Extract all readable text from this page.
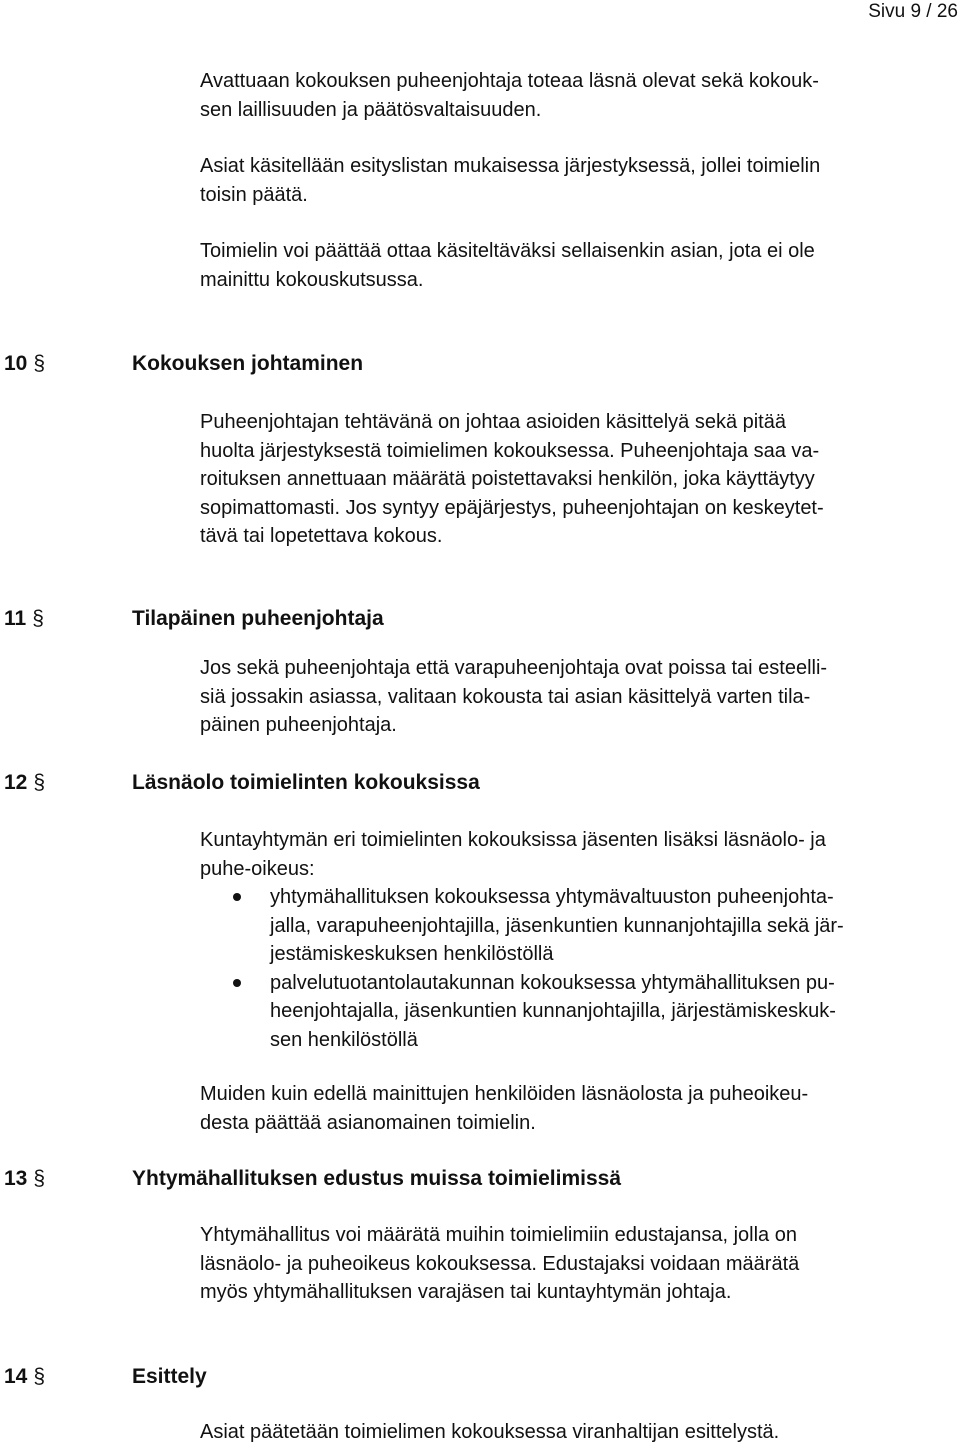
Sivu 9 / 26

Avattuaan kokouksen puheenjohtaja toteaa läsnä olevat sekä kokouk-
sen laillisuuden ja päätösvaltaisuuden.

Asiat käsitellään esityslistan mukaisessa järjestyksessä, jollei toimielin
toisin päätä.

Toimielin voi päättää ottaa käsiteltäväksi sellaisenkin asian, jota ei ole
mainittu kokouskutsussa.

10 §	Kokouksen johtaminen

Puheenjohtajan tehtävänä on johtaa asioiden käsittelyä sekä pitää
huolta järjestyksestä toimielimen kokouksessa. Puheenjohtaja saa va-
roituksen annettuaan määrätä poistettavaksi henkilön, joka käyttäytyy
sopimattomasti. Jos syntyy epäjärjestys, puheenjohtajan on keskeytet-
tävä tai lopetettava kokous.

11 §	Tilapäinen puheenjohtaja

Jos sekä puheenjohtaja että varapuheenjohtaja ovat poissa tai esteelli-
siä jossakin asiassa, valitaan kokousta tai asian käsittelyä varten tila-
päinen puheenjohtaja.

12 §	Läsnäolo toimielinten kokouksissa

Kuntayhtymän eri toimielinten kokouksissa jäsenten lisäksi läsnäolo- ja
puhe-oikeus:

yhtymähallituksen kokouksessa yhtymävaltuuston puheenjohta-
jalla, varapuheenjohtajilla, jäsenkuntien kunnanjohtajilla sekä jär-
jestämiskeskuksen henkilöstöllä
palvelutuotantolautakunnan kokouksessa yhtymähallituksen pu-
heenjohtajalla, jäsenkuntien kunnanjohtajilla, järjestämiskeskuk-
sen henkilöstöllä

Muiden kuin edellä mainittujen henkilöiden läsnäolosta ja puheoikeu-
desta päättää asianomainen toimielin.

13 §	Yhtymähallituksen edustus muissa toimielimissä

Yhtymähallitus voi määrätä muihin toimielimiin edustajansa, jolla on
läsnäolo- ja puheoikeus kokouksessa. Edustajaksi voidaan määrätä
myös yhtymähallituksen varajäsen tai kuntayhtymän johtaja.

14 §	Esittely

Asiat päätetään toimielimen kokouksessa viranhaltijan esittelystä.
